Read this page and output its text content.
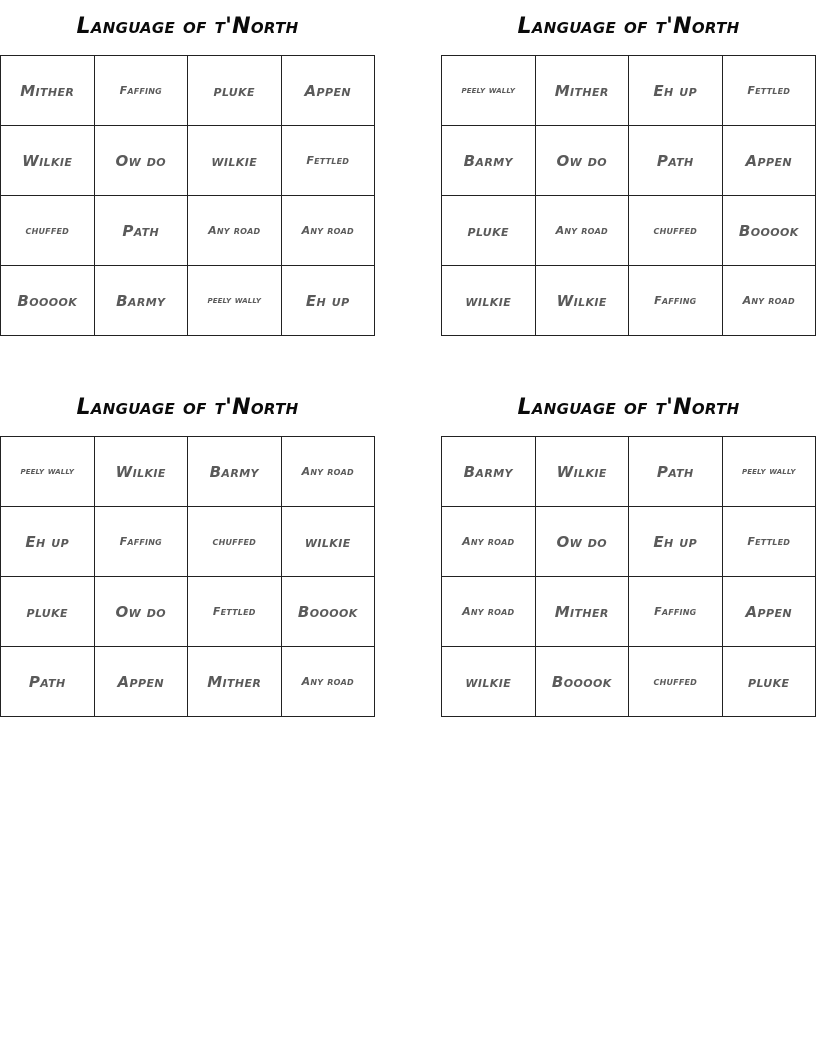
Language of t'North
Mither	Faffing	pluke	Appen
Wilkie	Ow do	wilkie	Fettled
chuffed	Path	Any road	Any road
Booook	Barmy	peely wally	Eh up
Language of t'North
peely wally	Mither	Eh up	Fettled
Barmy	Ow do	Path	Appen
pluke	Any road	chuffed	Booook
wilkie	Wilkie	Faffing	Any road
Language of t'North
peely wally	Wilkie	Barmy	Any road
Eh up	Faffing	chuffed	wilkie
pluke	Ow do	Fettled	Booook
Path	Appen	Mither	Any road
Language of t'North
Barmy	Wilkie	Path	peely wally
Any road	Ow do	Eh up	Fettled
Any road	Mither	Faffing	Appen
wilkie	Booook	chuffed	pluke
